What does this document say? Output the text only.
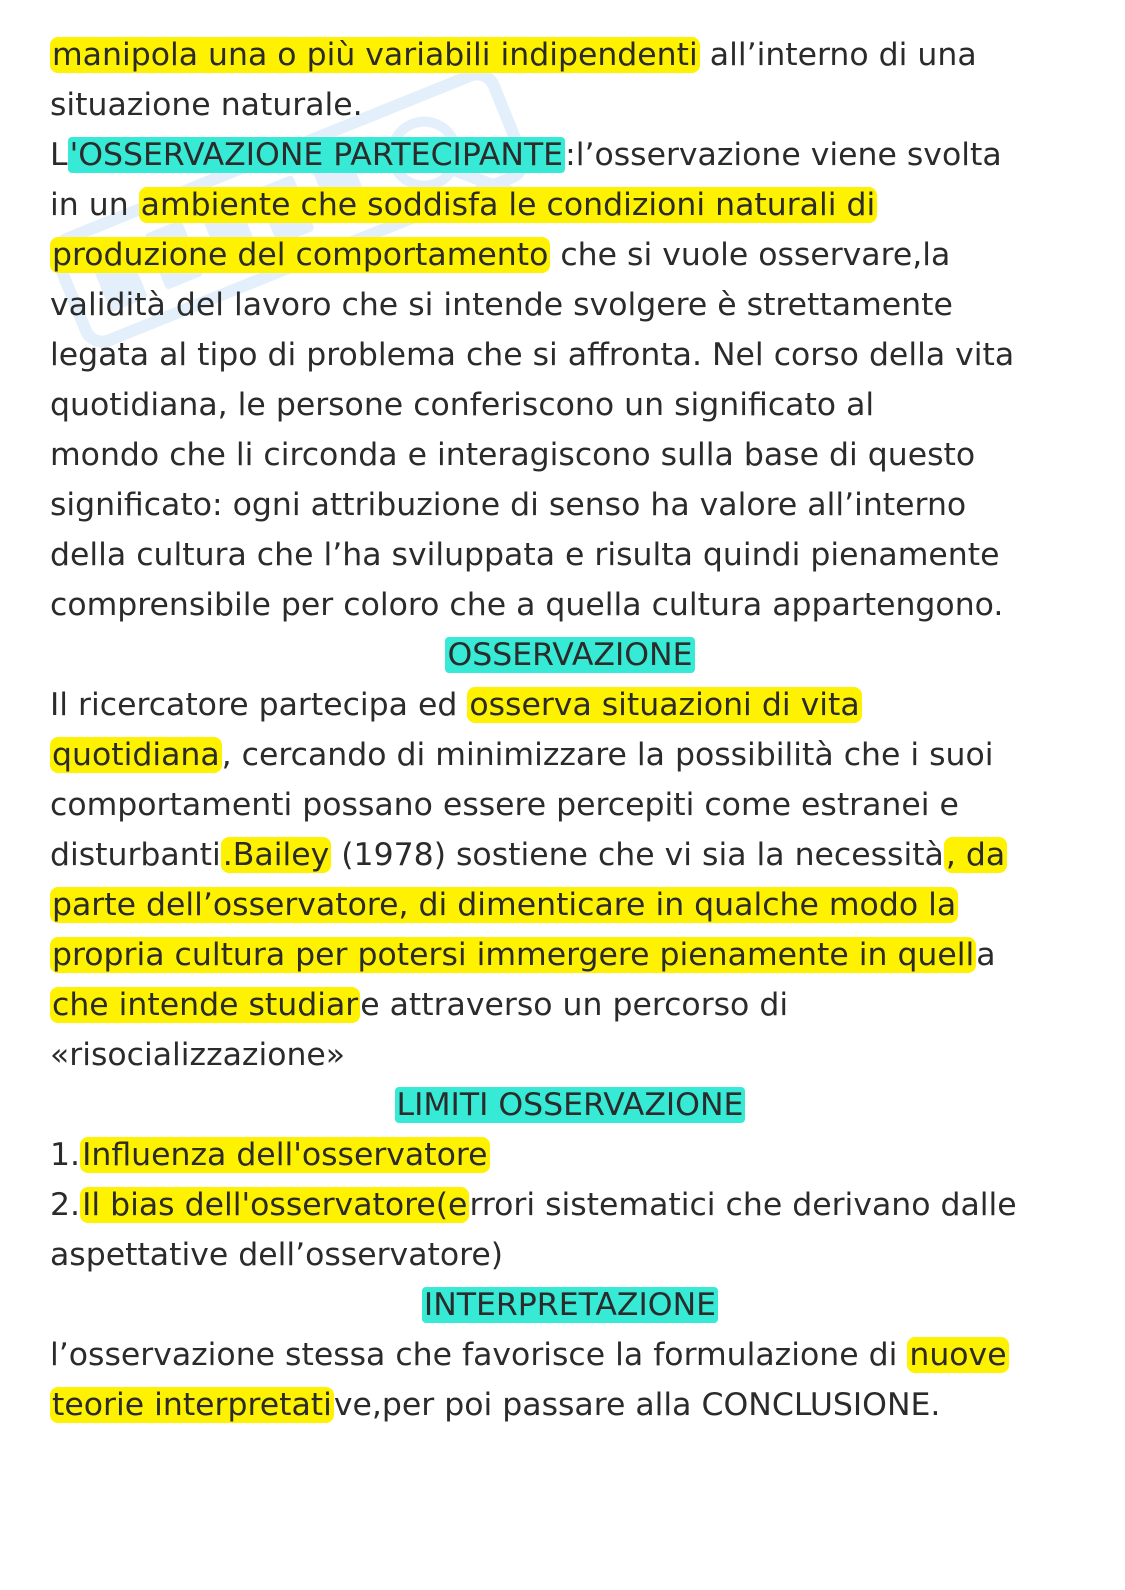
manipola una o più variabili indipendenti all’interno di una
situazione naturale.
L'OSSERVAZIONE PARTECIPANTE:l’osservazione viene svolta
in un ambiente che soddisfa le condizioni naturali di
produzione del comportamento che si vuole osservare,la
validità del lavoro che si intende svolgere è strettamente
legata al tipo di problema che si affronta. Nel corso della vita
quotidiana, le persone conferiscono un significato al
mondo che li circonda e interagiscono sulla base di questo
significato: ogni attribuzione di senso ha valore all’interno
della cultura che l’ha sviluppata e risulta quindi pienamente
comprensibile per coloro che a quella cultura appartengono.
OSSERVAZIONE
Il ricercatore partecipa ed osserva situazioni di vita
quotidiana, cercando di minimizzare la possibilità che i suoi
comportamenti possano essere percepiti come estranei e
disturbanti.Bailey (1978) sostiene che vi sia la necessità, da
parte dell’osservatore, di dimenticare in qualche modo la
propria cultura per potersi immergere pienamente in quella
che intende studiare attraverso un percorso di
«risocializzazione»
LIMITI OSSERVAZIONE
1.Influenza dell'osservatore
2.Il bias dell'osservatore(errori sistematici che derivano dalle
aspettative dell’osservatore)
INTERPRETAZIONE
l’osservazione stessa che favorisce la formulazione di nuove
teorie interpretative,per poi passare alla CONCLUSIONE.
